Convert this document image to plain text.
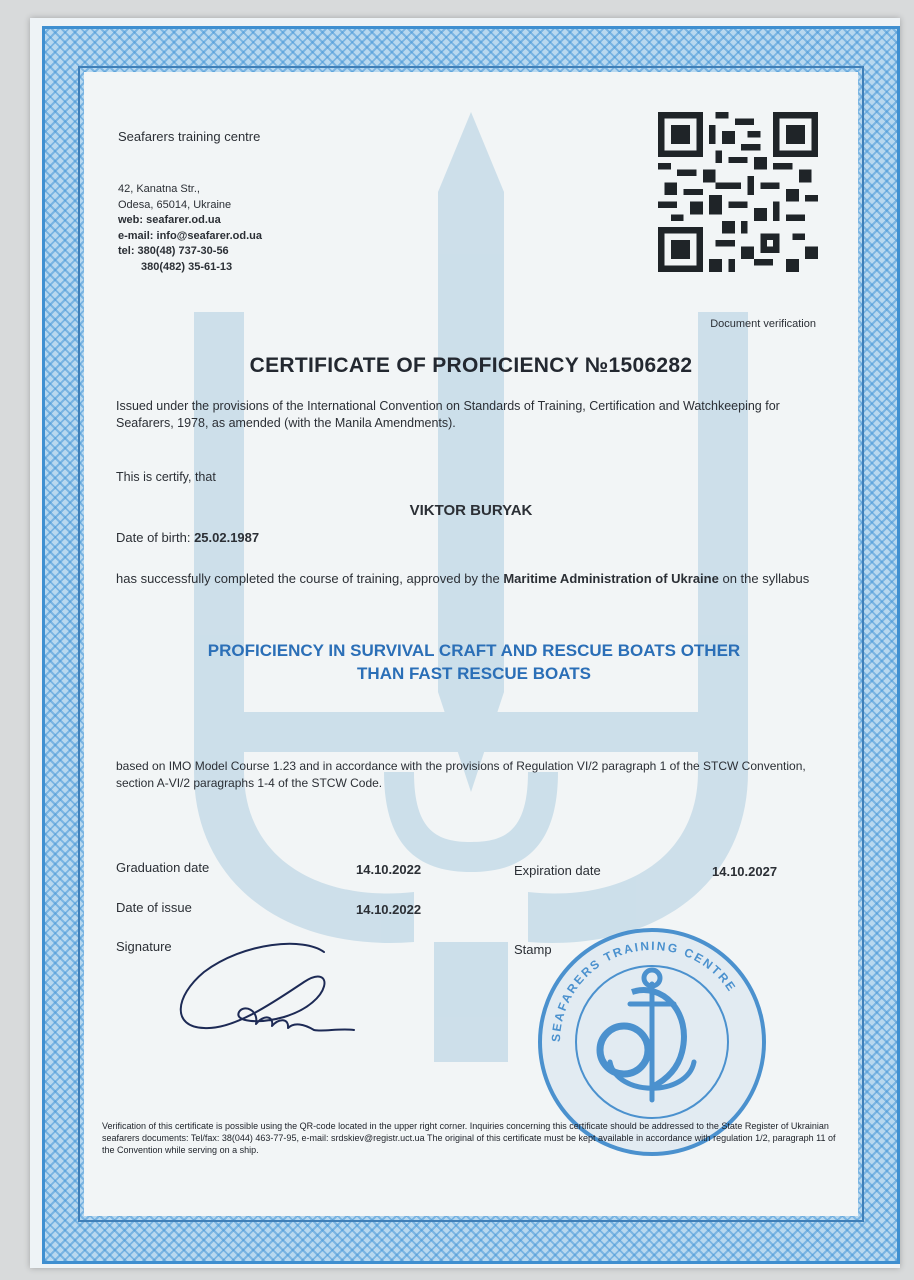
Seafarers training centre
42, Kanatna Str.,
Odesa, 65014, Ukraine
web: seafarer.od.ua
e-mail: info@seafarer.od.ua
tel: 380(48) 737-30-56
380(482) 35-61-13
Document verification
CERTIFICATE OF PROFICIENCY №1506282
Issued under the provisions of the International Convention on Standards of Training, Certification and Watchkeeping for Seafarers, 1978, as amended (with the Manila Amendments).
This is certify, that
VIKTOR BURYAK
Date of birth: 25.02.1987
has successfully completed the course of training, approved by the Maritime Administration of Ukraine on the syllabus
PROFICIENCY IN SURVIVAL CRAFT AND RESCUE BOATS OTHER
THAN FAST RESCUE BOATS
based on IMO Model Course 1.23 and in accordance with the provisions of Regulation VI/2 paragraph 1 of the STCW Convention, section A-VI/2 paragraphs 1-4 of the STCW Code.
Graduation date	14.10.2022	Expiration date	14.10.2027
Date of issue	14.10.2022
Signature	Stamp
SEAFARERS TRAINING CENTRE
Verification of this certificate is possible using the QR-code located in the upper right corner. Inquiries concerning this certificate should be addressed to the State Register of Ukrainian seafarers documents: Tel/fax: 38(044) 463-77-95, e-mail: srdskiev@registr.uct.ua The original of this certificate must be kept available in accordance with regulation 1/2, paragraph 11 of the Convention while serving on a ship.
